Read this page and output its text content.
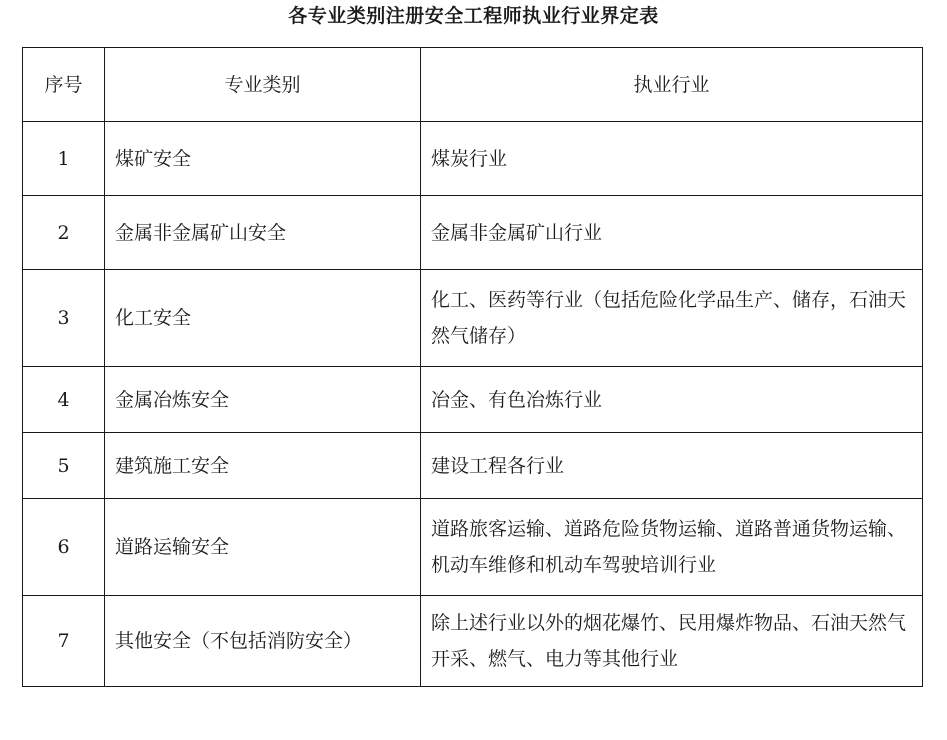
各专业类别注册安全工程师执业行业界定表
序号	专业类别	执业行业
1	煤矿安全	煤炭行业
2	金属非金属矿山安全	金属非金属矿山行业
3	化工安全	化工、医药等行业（包括危险化学品生产、储存，石油天然气储存）
4	金属冶炼安全	冶金、有色冶炼行业
5	建筑施工安全	建设工程各行业
6	道路运输安全	道路旅客运输、道路危险货物运输、道路普通货物运输、机动车维修和机动车驾驶培训行业
7	其他安全（不包括消防安全）	除上述行业以外的烟花爆竹、民用爆炸物品、石油天然气开采、燃气、电力等其他行业
